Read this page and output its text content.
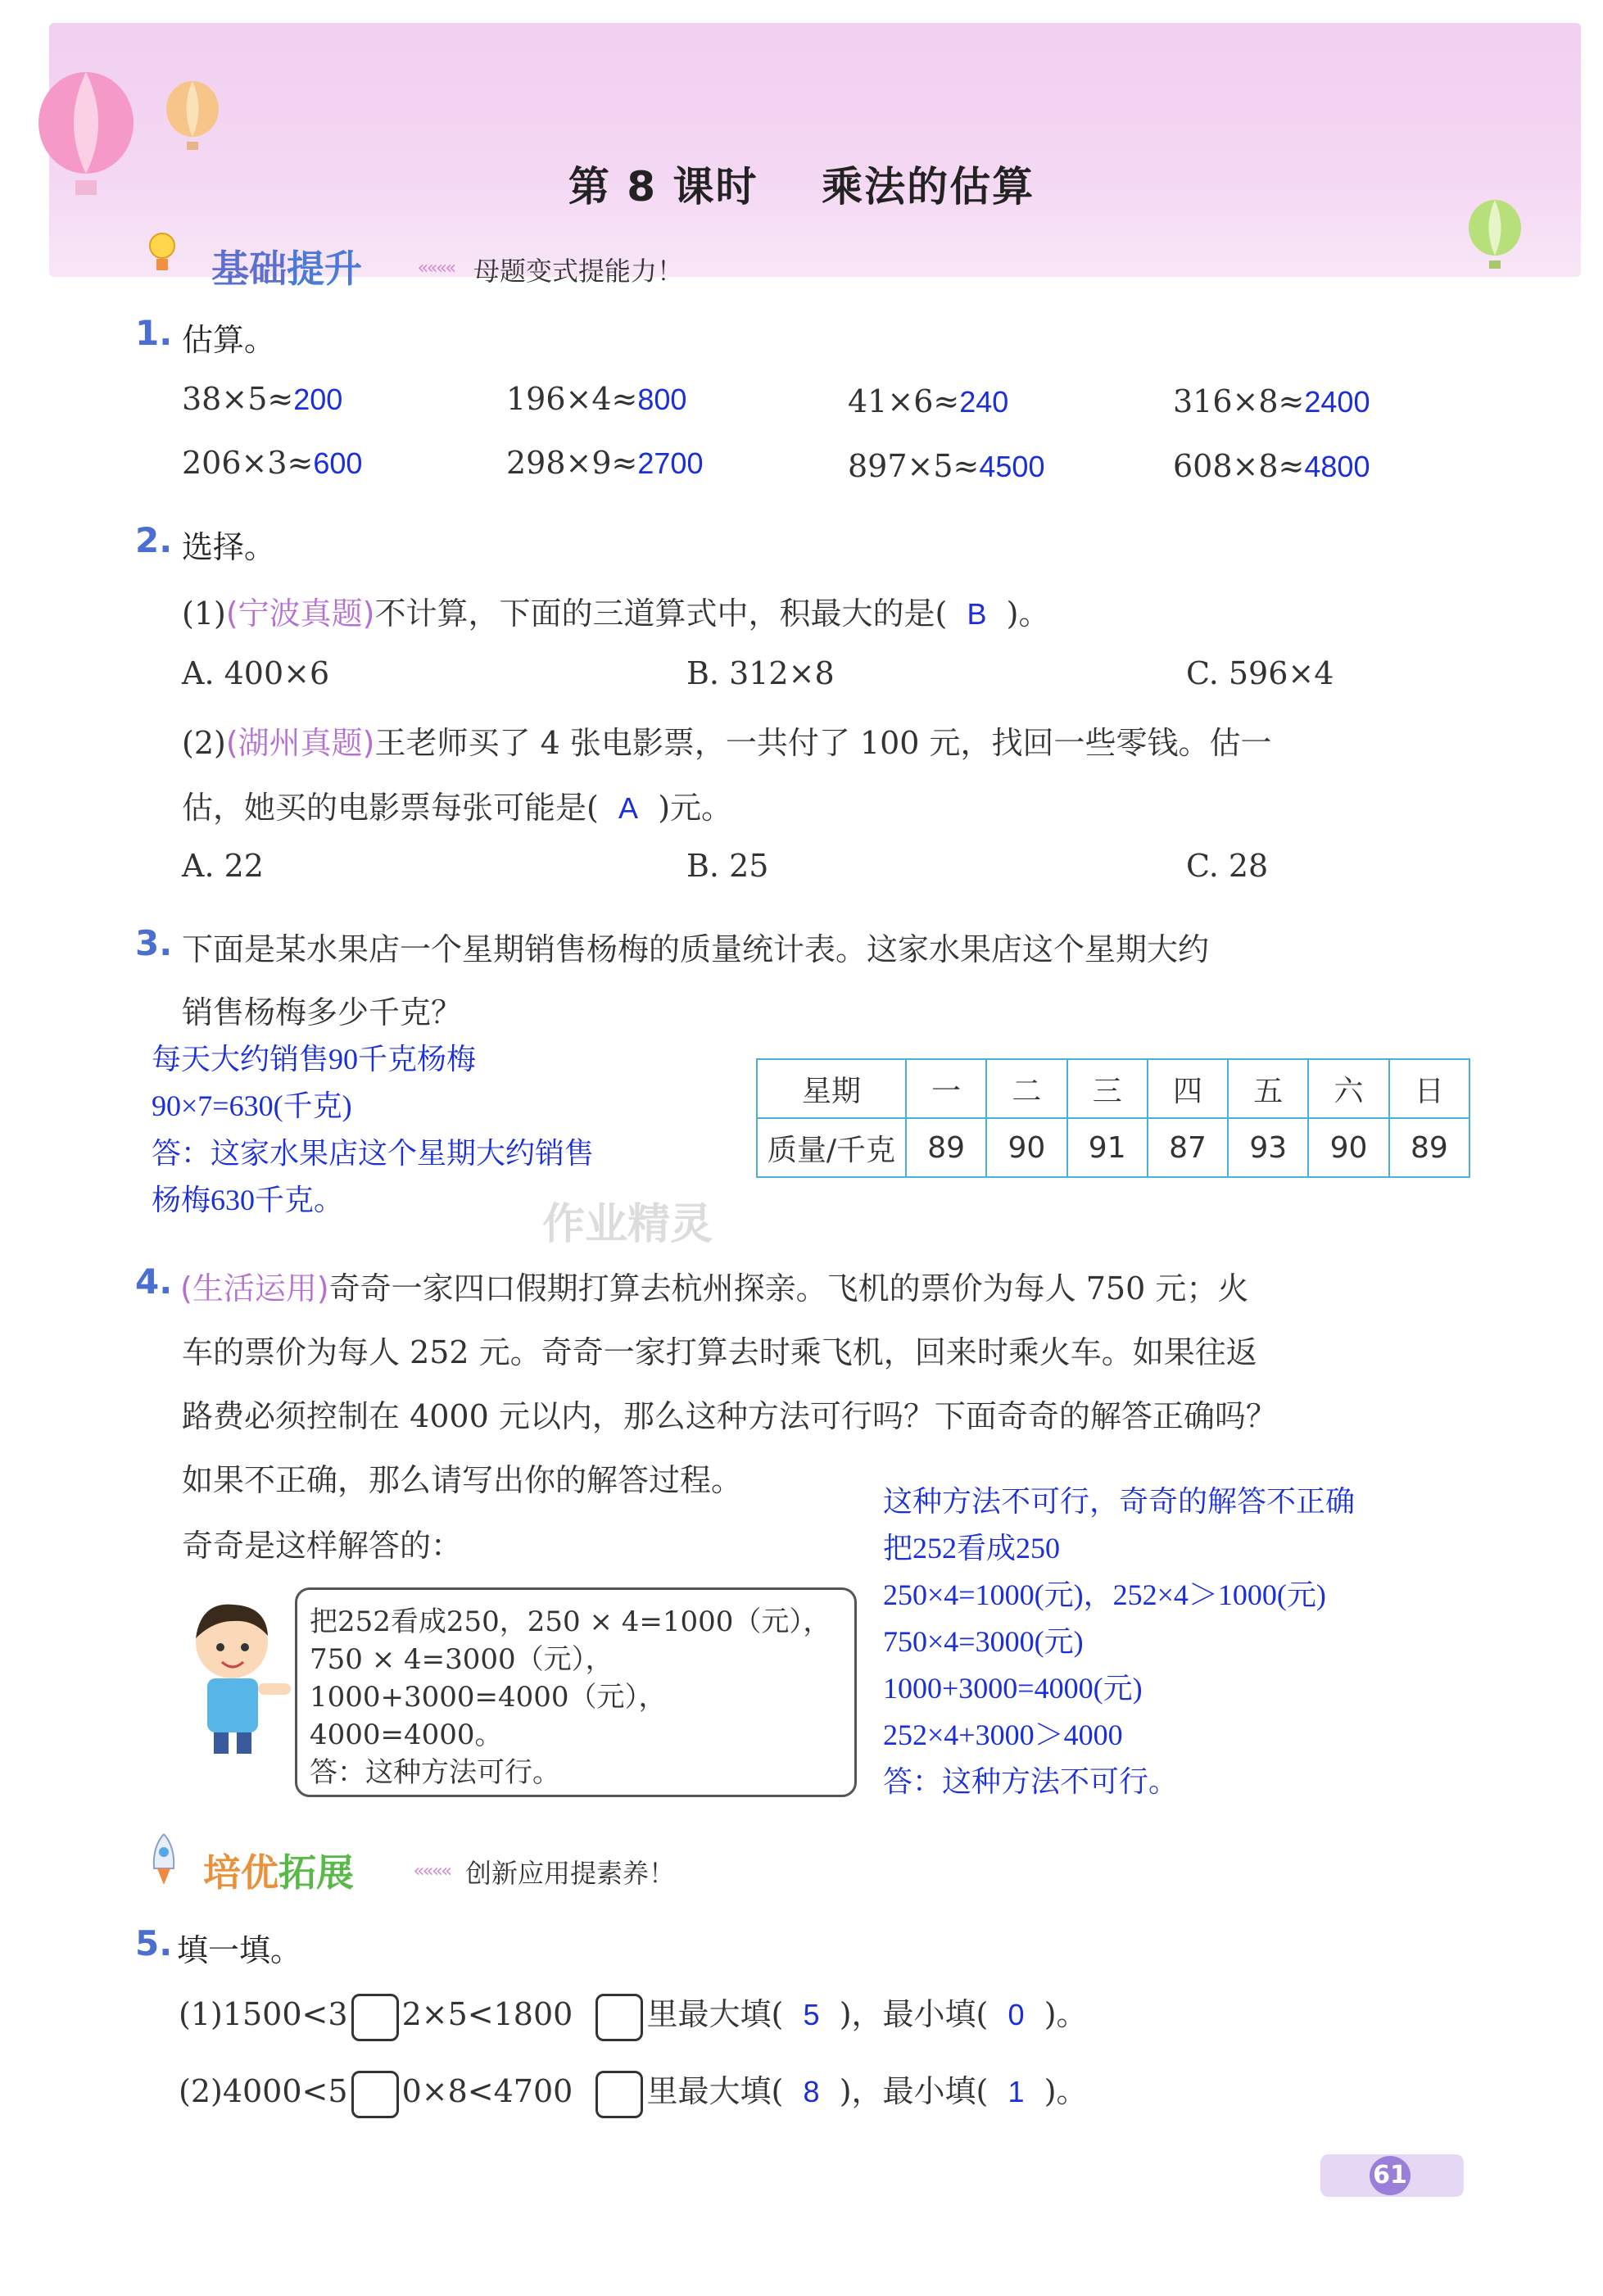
第 8 课时    乘法的估算
基础提升	«««« 母题变式提能力！
1. 估算。
38×5≈200	196×4≈800	41×6≈240	316×8≈2400
206×3≈600	298×9≈2700	897×5≈4500	608×8≈4800
2. 选择。
(1)(宁波真题)不计算，下面的三道算式中，积最大的是( B )。
A. 400×6	B. 312×8	C. 596×4
(2)(湖州真题)王老师买了 4 张电影票，一共付了 100 元，找回一些零钱。估一
估，她买的电影票每张可能是( A )元。
A. 22	B. 25	C. 28
3. 下面是某水果店一个星期销售杨梅的质量统计表。这家水果店这个星期大约
销售杨梅多少千克？
每天大约销售90千克杨梅
90×7=630(千克)
答：这家水果店这个星期大约销售
杨梅630千克。	作业精灵
星期	一	二	三	四	五	六	日
质量/千克	89	90	91	87	93	90	89
4. (生活运用)奇奇一家四口假期打算去杭州探亲。飞机的票价为每人 750 元；火
车的票价为每人 252 元。奇奇一家打算去时乘飞机，回来时乘火车。如果往返
路费必须控制在 4000 元以内，那么这种方法可行吗？下面奇奇的解答正确吗？
如果不正确，那么请写出你的解答过程。
奇奇是这样解答的：
把252看成250，250 × 4=1000（元），
750 × 4=3000（元），
1000+3000=4000（元），
4000=4000。
答：这种方法可行。
这种方法不可行，奇奇的解答不正确
把252看成250
250×4=1000(元)，252×4＞1000(元)
750×4=3000(元)
1000+3000=4000(元)
252×4+3000＞4000
答：这种方法不可行。
培优拓展	«««« 创新应用提素养！
5. 填一填。
(1)1500<3 2×5<1800 里最大填( 5 )，最小填( 0 )。
(2)4000<5 0×8<4700 里最大填( 8 )，最小填( 1 )。
61
